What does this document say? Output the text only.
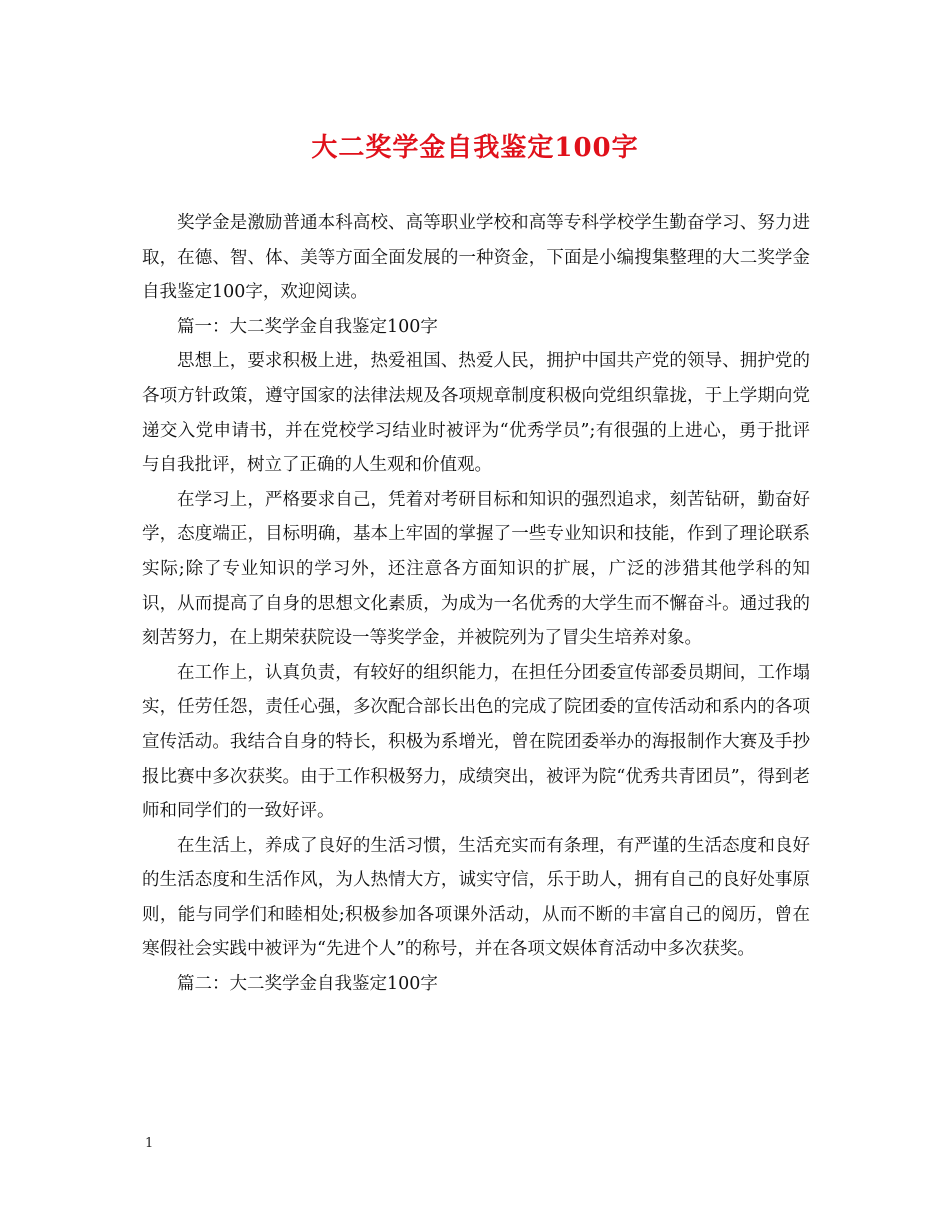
大二奖学金自我鉴定100字

奖学金是激励普通本科高校、高等职业学校和高等专科学校学生勤奋学习、努力进取，在德、智、体、美等方面全面发展的一种资金，下面是小编搜集整理的大二奖学金自我鉴定100字，欢迎阅读。

篇一：大二奖学金自我鉴定100字

思想上，要求积极上进，热爱祖国、热爱人民，拥护中国共产党的领导、拥护党的各项方针政策，遵守国家的法律法规及各项规章制度积极向党组织靠拢，于上学期向党递交入党申请书，并在党校学习结业时被评为“优秀学员”;有很强的上进心，勇于批评与自我批评，树立了正确的人生观和价值观。

在学习上，严格要求自己，凭着对考研目标和知识的强烈追求，刻苦钻研，勤奋好学，态度端正，目标明确，基本上牢固的掌握了一些专业知识和技能，作到了理论联系实际;除了专业知识的学习外，还注意各方面知识的扩展，广泛的涉猎其他学科的知识，从而提高了自身的思想文化素质，为成为一名优秀的大学生而不懈奋斗。通过我的刻苦努力，在上期荣获院设一等奖学金，并被院列为了冒尖生培养对象。

在工作上，认真负责，有较好的组织能力，在担任分团委宣传部委员期间，工作塌实，任劳任怨，责任心强，多次配合部长出色的完成了院团委的宣传活动和系内的各项宣传活动。我结合自身的特长，积极为系增光，曾在院团委举办的海报制作大赛及手抄报比赛中多次获奖。由于工作积极努力，成绩突出，被评为院“优秀共青团员”，得到老师和同学们的一致好评。

在生活上，养成了良好的生活习惯，生活充实而有条理，有严谨的生活态度和良好的生活态度和生活作风，为人热情大方，诚实守信，乐于助人，拥有自己的良好处事原则，能与同学们和睦相处;积极参加各项课外活动，从而不断的丰富自己的阅历，曾在寒假社会实践中被评为“先进个人”的称号，并在各项文娱体育活动中多次获奖。

篇二：大二奖学金自我鉴定100字

1
